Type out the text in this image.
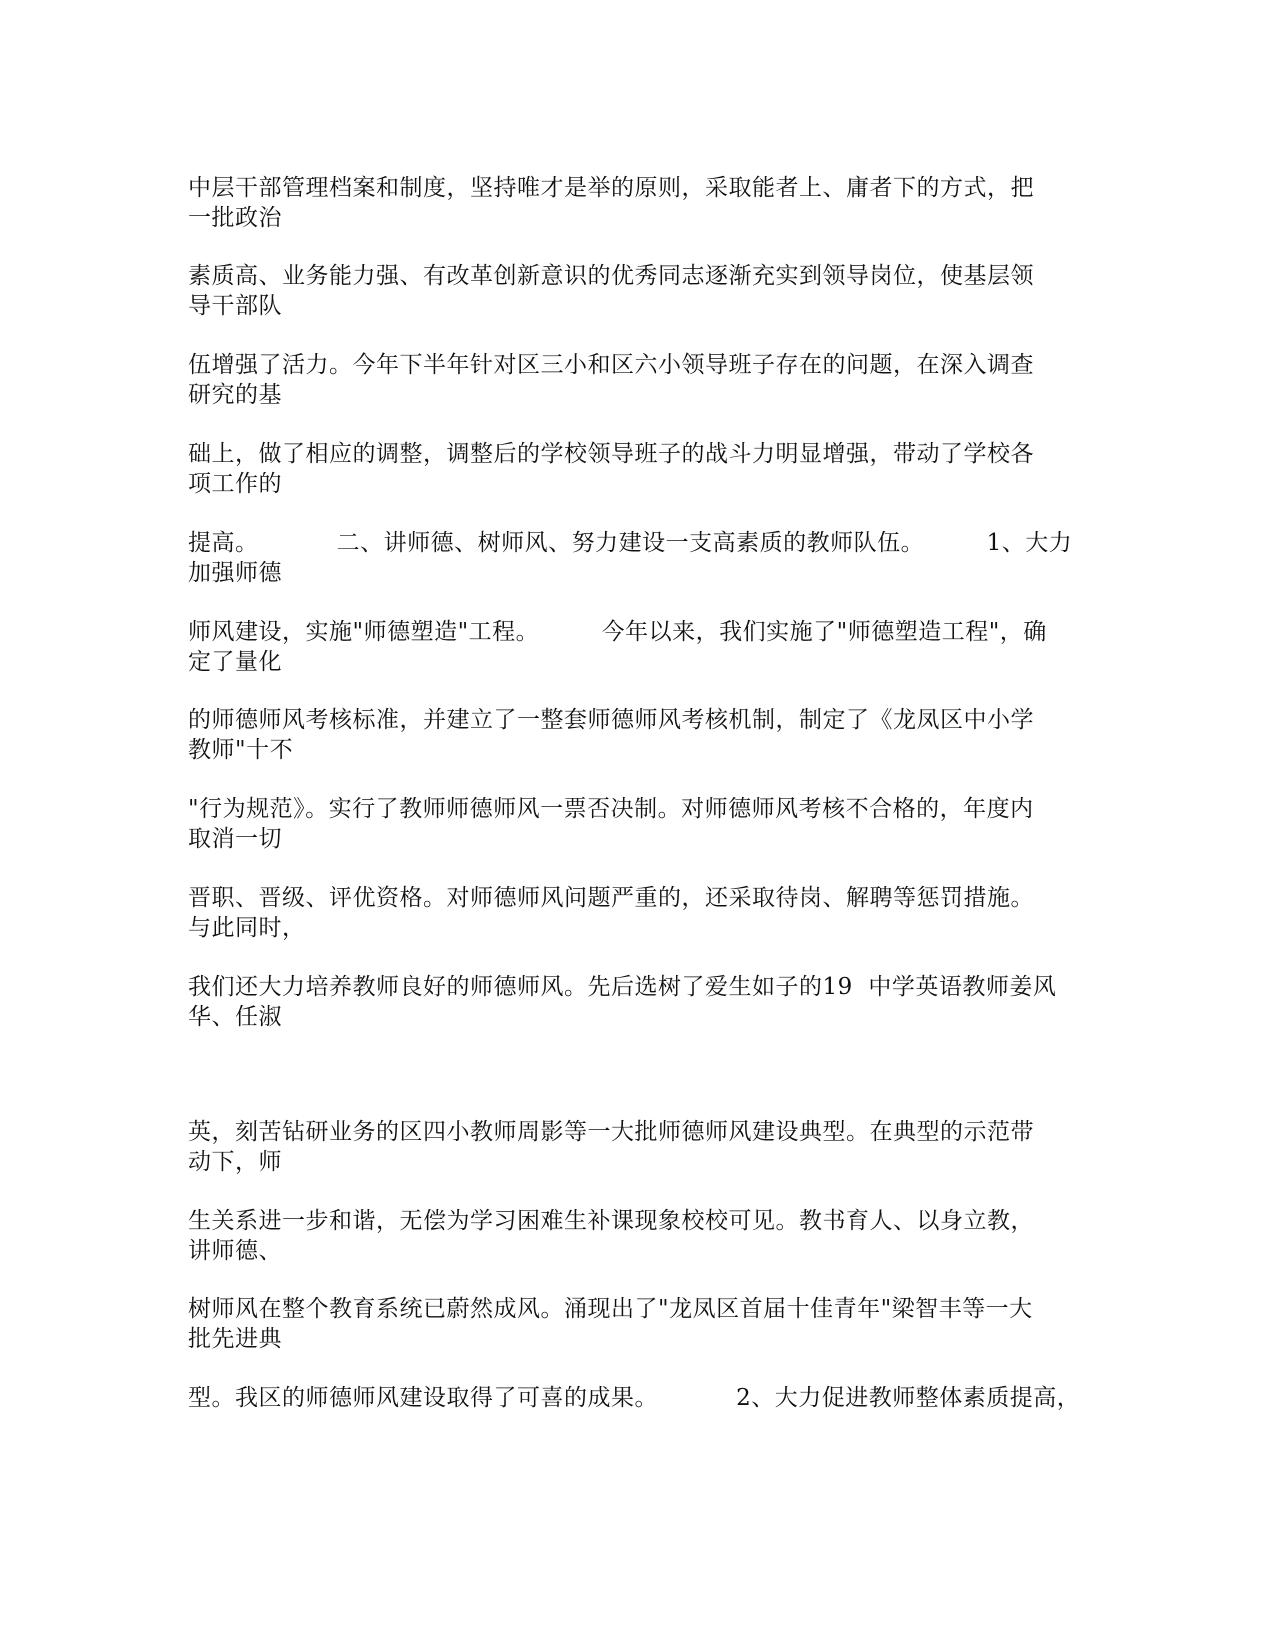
中层干部管理档案和制度，坚持唯才是举的原则，采取能者上、庸者下的方式，把
一批政治
素质高、业务能力强、有改革创新意识的优秀同志逐渐充实到领导岗位，使基层领
导干部队
伍增强了活力。今年下半年针对区三小和区六小领导班子存在的问题，在深入调查
研究的基
础上，做了相应的调整，调整后的学校领导班子的战斗力明显增强，带动了学校各
项工作的
提高。          二、讲师德、树师风、努力建设一支高素质的教师队伍。        1、大力
加强师德
师风建设，实施"师德塑造"工程。        今年以来，我们实施了"师德塑造工程"，确
定了量化
的师德师风考核标准，并建立了一整套师德师风考核机制，制定了《龙凤区中小学
教师"十不
"行为规范》。实行了教师师德师风一票否决制。对师德师风考核不合格的，年度内
取消一切
晋职、晋级、评优资格。对师德师风问题严重的，还采取待岗、解聘等惩罚措施。
与此同时，
我们还大力培养教师良好的师德师风。先后选树了爱生如子的19  中学英语教师姜风
华、任淑
英，刻苦钻研业务的区四小教师周影等一大批师德师风建设典型。在典型的示范带
动下，师
生关系进一步和谐，无偿为学习困难生补课现象校校可见。教书育人、以身立教，
讲师德、
树师风在整个教育系统已蔚然成风。涌现出了"龙凤区首届十佳青年"梁智丰等一大
批先进典
型。我区的师德师风建设取得了可喜的成果。          2、大力促进教师整体素质提高，
